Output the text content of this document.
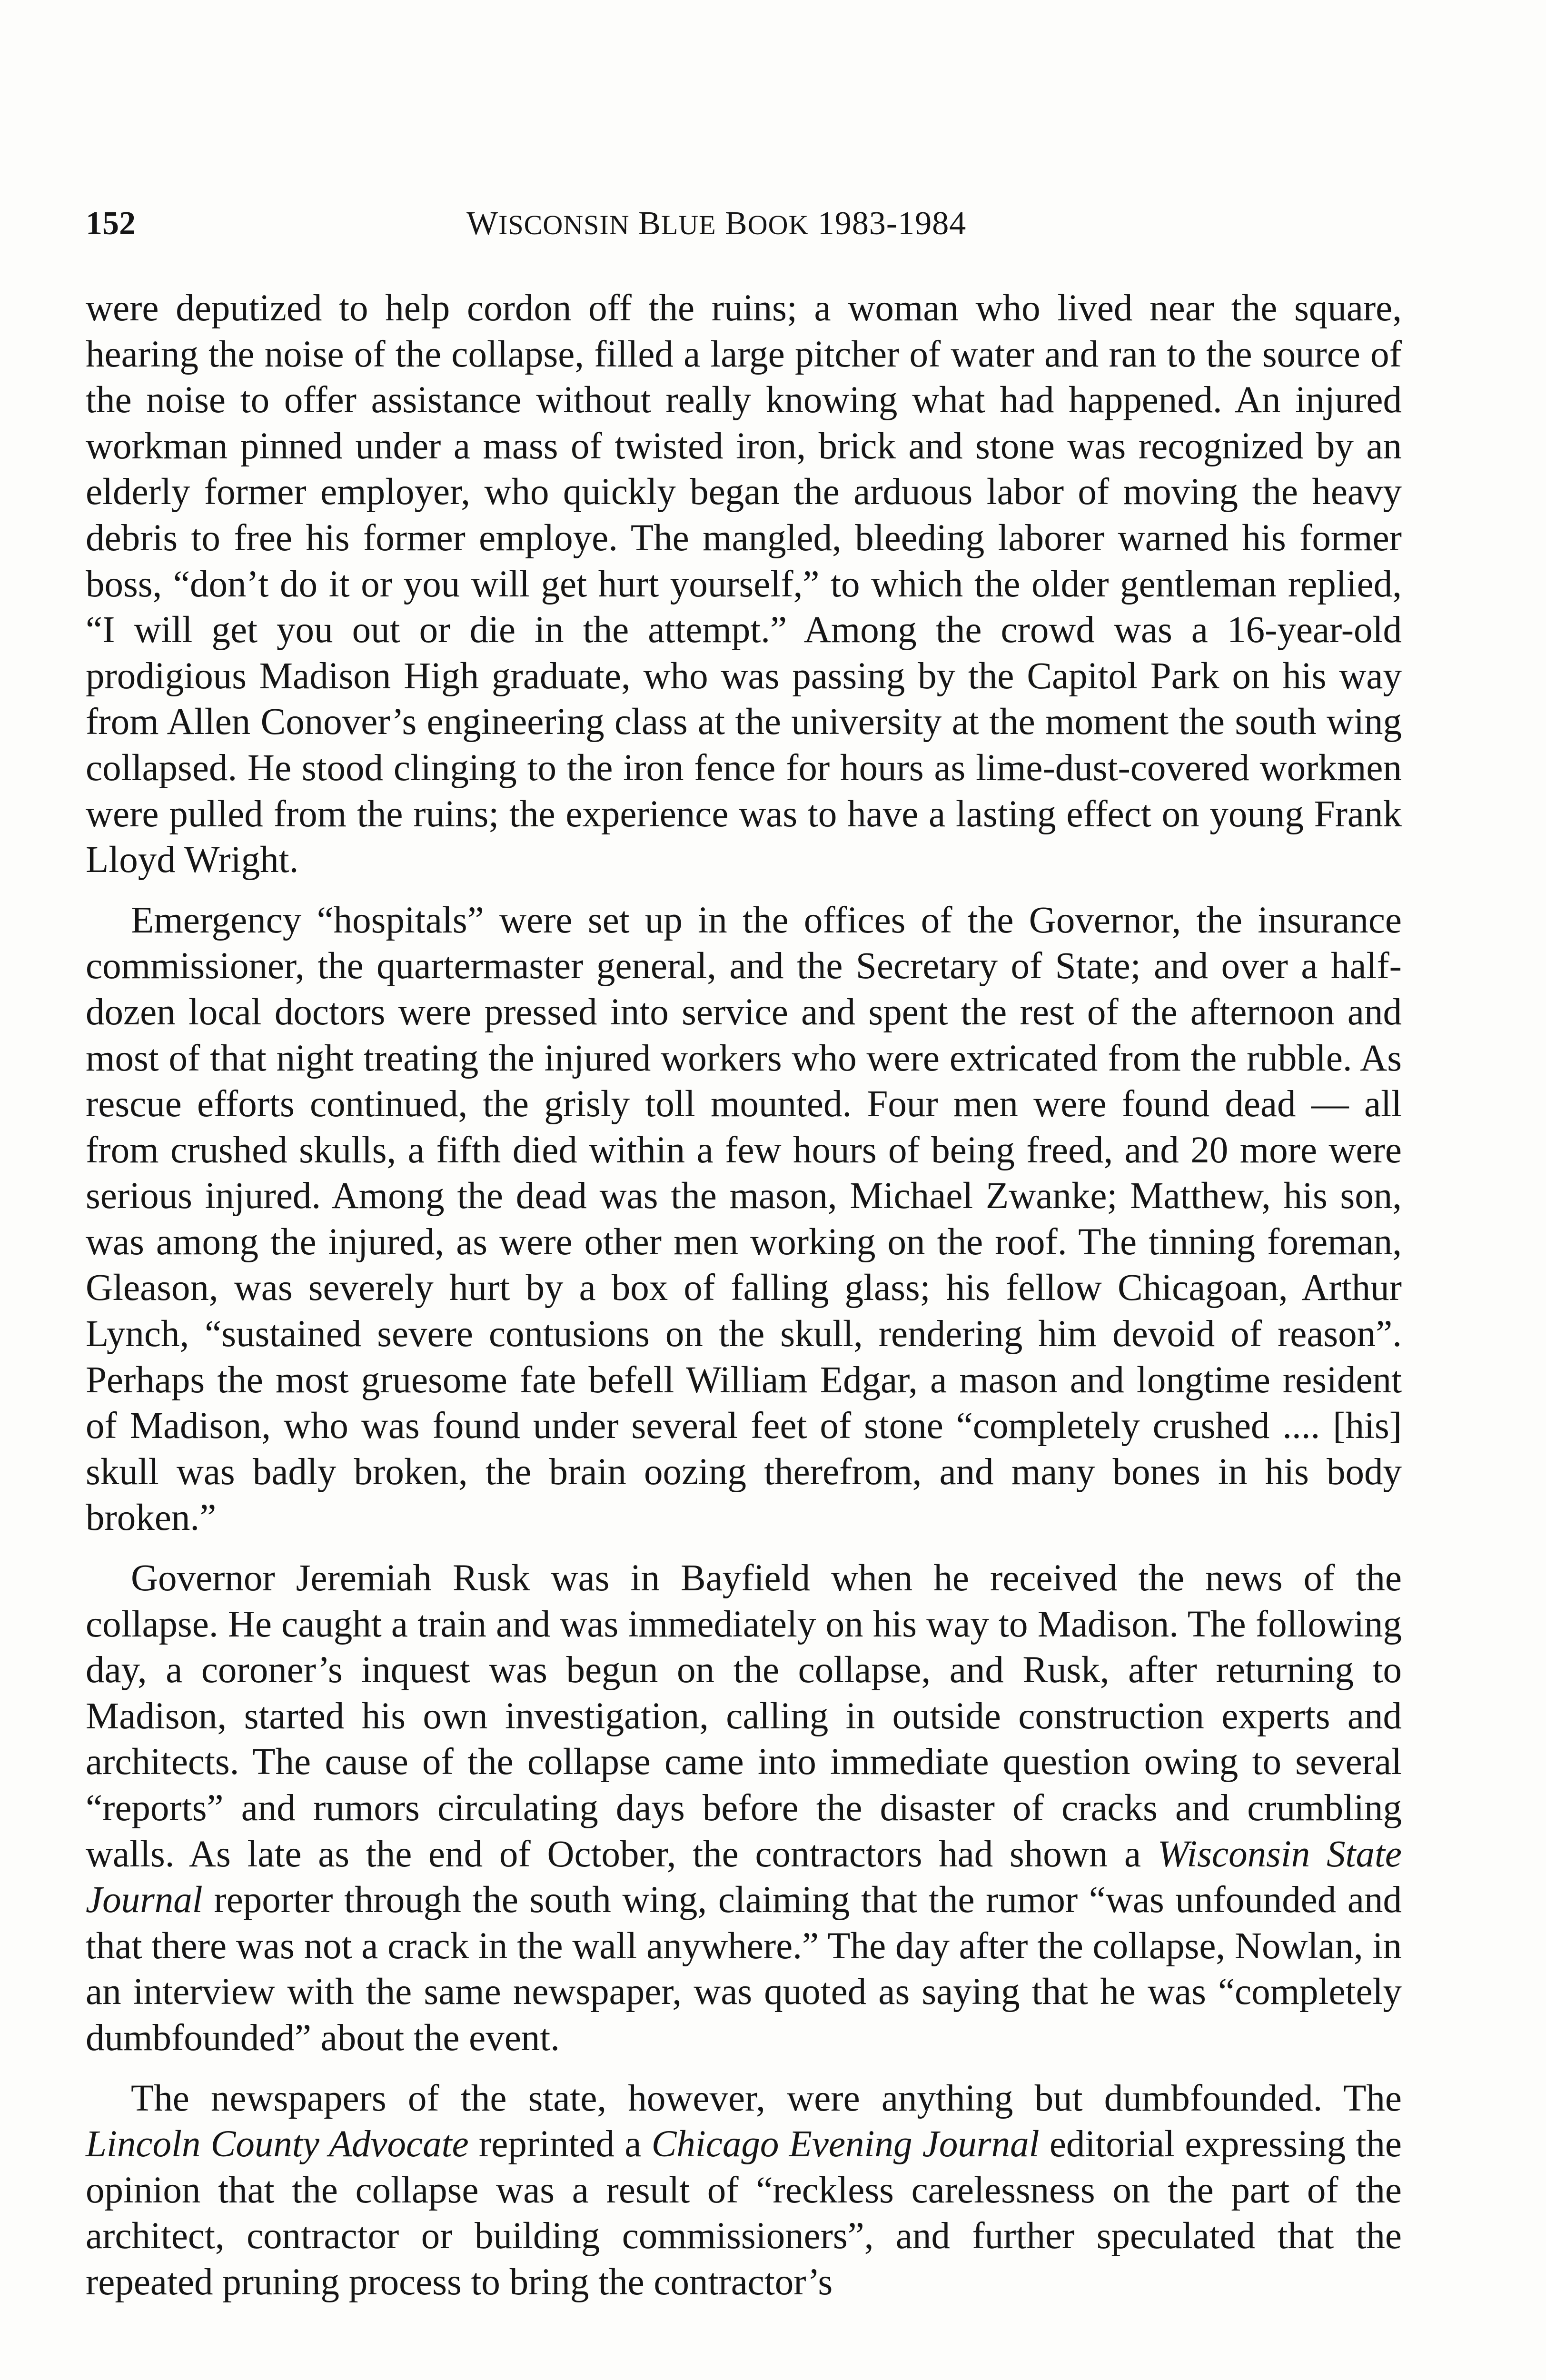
152	WISCONSIN BLUE BOOK 1983-1984

were deputized to help cordon off the ruins; a woman who lived near the square, hearing the noise of the collapse, filled a large pitcher of water and ran to the source of the noise to offer assistance without really knowing what had happened. An injured workman pinned under a mass of twisted iron, brick and stone was recognized by an elderly former employer, who quickly began the arduous labor of moving the heavy debris to free his former employe. The mangled, bleeding laborer warned his former boss, “don’t do it or you will get hurt yourself,” to which the older gentleman replied, “I will get you out or die in the attempt.” Among the crowd was a 16-year-old prodigious Madison High graduate, who was passing by the Capitol Park on his way from Allen Conover’s engineering class at the university at the moment the south wing collapsed. He stood clinging to the iron fence for hours as lime-dust-covered workmen were pulled from the ruins; the experience was to have a lasting effect on young Frank Lloyd Wright.

Emergency “hospitals” were set up in the offices of the Governor, the insurance commissioner, the quartermaster general, and the Secretary of State; and over a half-dozen local doctors were pressed into service and spent the rest of the afternoon and most of that night treating the injured workers who were extricated from the rubble. As rescue efforts continued, the grisly toll mounted. Four men were found dead — all from crushed skulls, a fifth died within a few hours of being freed, and 20 more were serious injured. Among the dead was the mason, Michael Zwanke; Matthew, his son, was among the injured, as were other men working on the roof. The tinning foreman, Gleason, was severely hurt by a box of falling glass; his fellow Chicagoan, Arthur Lynch, “sustained severe contusions on the skull, rendering him devoid of reason”. Perhaps the most gruesome fate befell William Edgar, a mason and longtime resident of Madison, who was found under several feet of stone “completely crushed .... [his] skull was badly broken, the brain oozing therefrom, and many bones in his body broken.”

Governor Jeremiah Rusk was in Bayfield when he received the news of the collapse. He caught a train and was immediately on his way to Madison. The following day, a coroner’s inquest was begun on the collapse, and Rusk, after returning to Madison, started his own investigation, calling in outside construction experts and architects. The cause of the collapse came into immediate question owing to several “reports” and rumors circulating days before the disaster of cracks and crumbling walls. As late as the end of October, the contractors had shown a Wisconsin State Journal reporter through the south wing, claiming that the rumor “was unfounded and that there was not a crack in the wall anywhere.” The day after the collapse, Nowlan, in an interview with the same newspaper, was quoted as saying that he was “completely dumbfounded” about the event.

The newspapers of the state, however, were anything but dumbfounded. The Lincoln County Advocate reprinted a Chicago Evening Journal editorial expressing the opinion that the collapse was a result of “reckless carelessness on the part of the architect, contractor or building commissioners”, and further speculated that the repeated pruning process to bring the contractor’s
